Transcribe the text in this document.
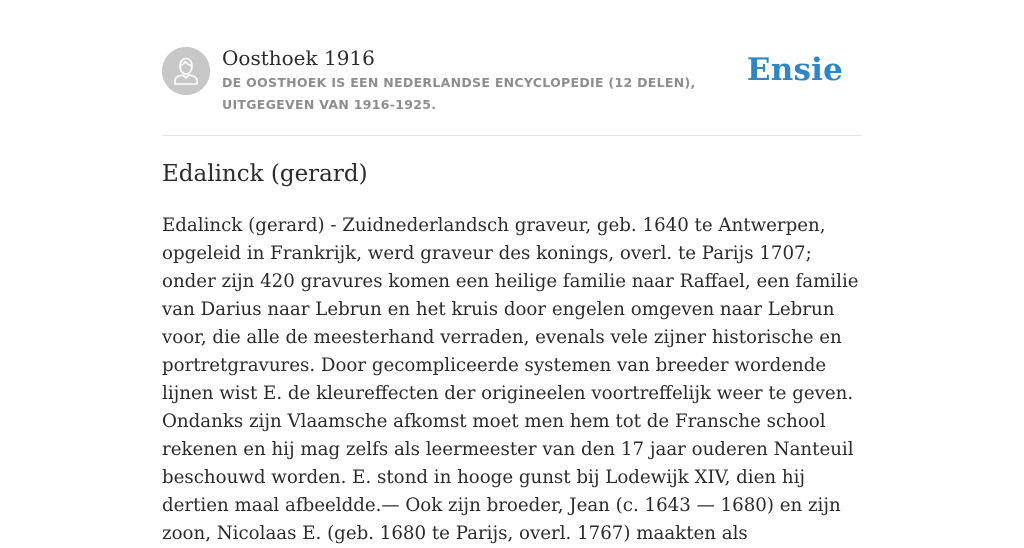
Oosthoek 1916
DE OOSTHOEK IS EEN NEDERLANDSE ENCYCLOPEDIE (12 DELEN), UITGEGEVEN VAN 1916-1925.
Ensie
Edalinck (gerard)

Edalinck (gerard) - Zuidnederlandsch graveur, geb. 1640 te Antwerpen, opgeleid in Frankrijk, werd graveur des konings, overl. te Parijs 1707; onder zijn 420 gravures komen een heilige familie naar Raffael, een familie van Darius naar Lebrun en het kruis door engelen omgeven naar Lebrun voor, die alle de meesterhand verraden, evenals vele zijner historische en portretgravures. Door gecompliceerde systemen van breeder wordende lijnen wist E. de kleureffecten der origineelen voortreffelijk weer te geven. Ondanks zijn Vlaamsche afkomst moet men hem tot de Fransche school rekenen en hij mag zelfs als leermeester van den 17 jaar ouderen Nanteuil beschouwd worden. E. stond in hooge gunst bij Lodewijk XIV, dien hij dertien maal afbeeldde.— Ook zijn broeder, Jean (c. 1643 — 1680) en zijn zoon, Nicolaas E. (geb. 1680 te Parijs, overl. 1767) maakten als
